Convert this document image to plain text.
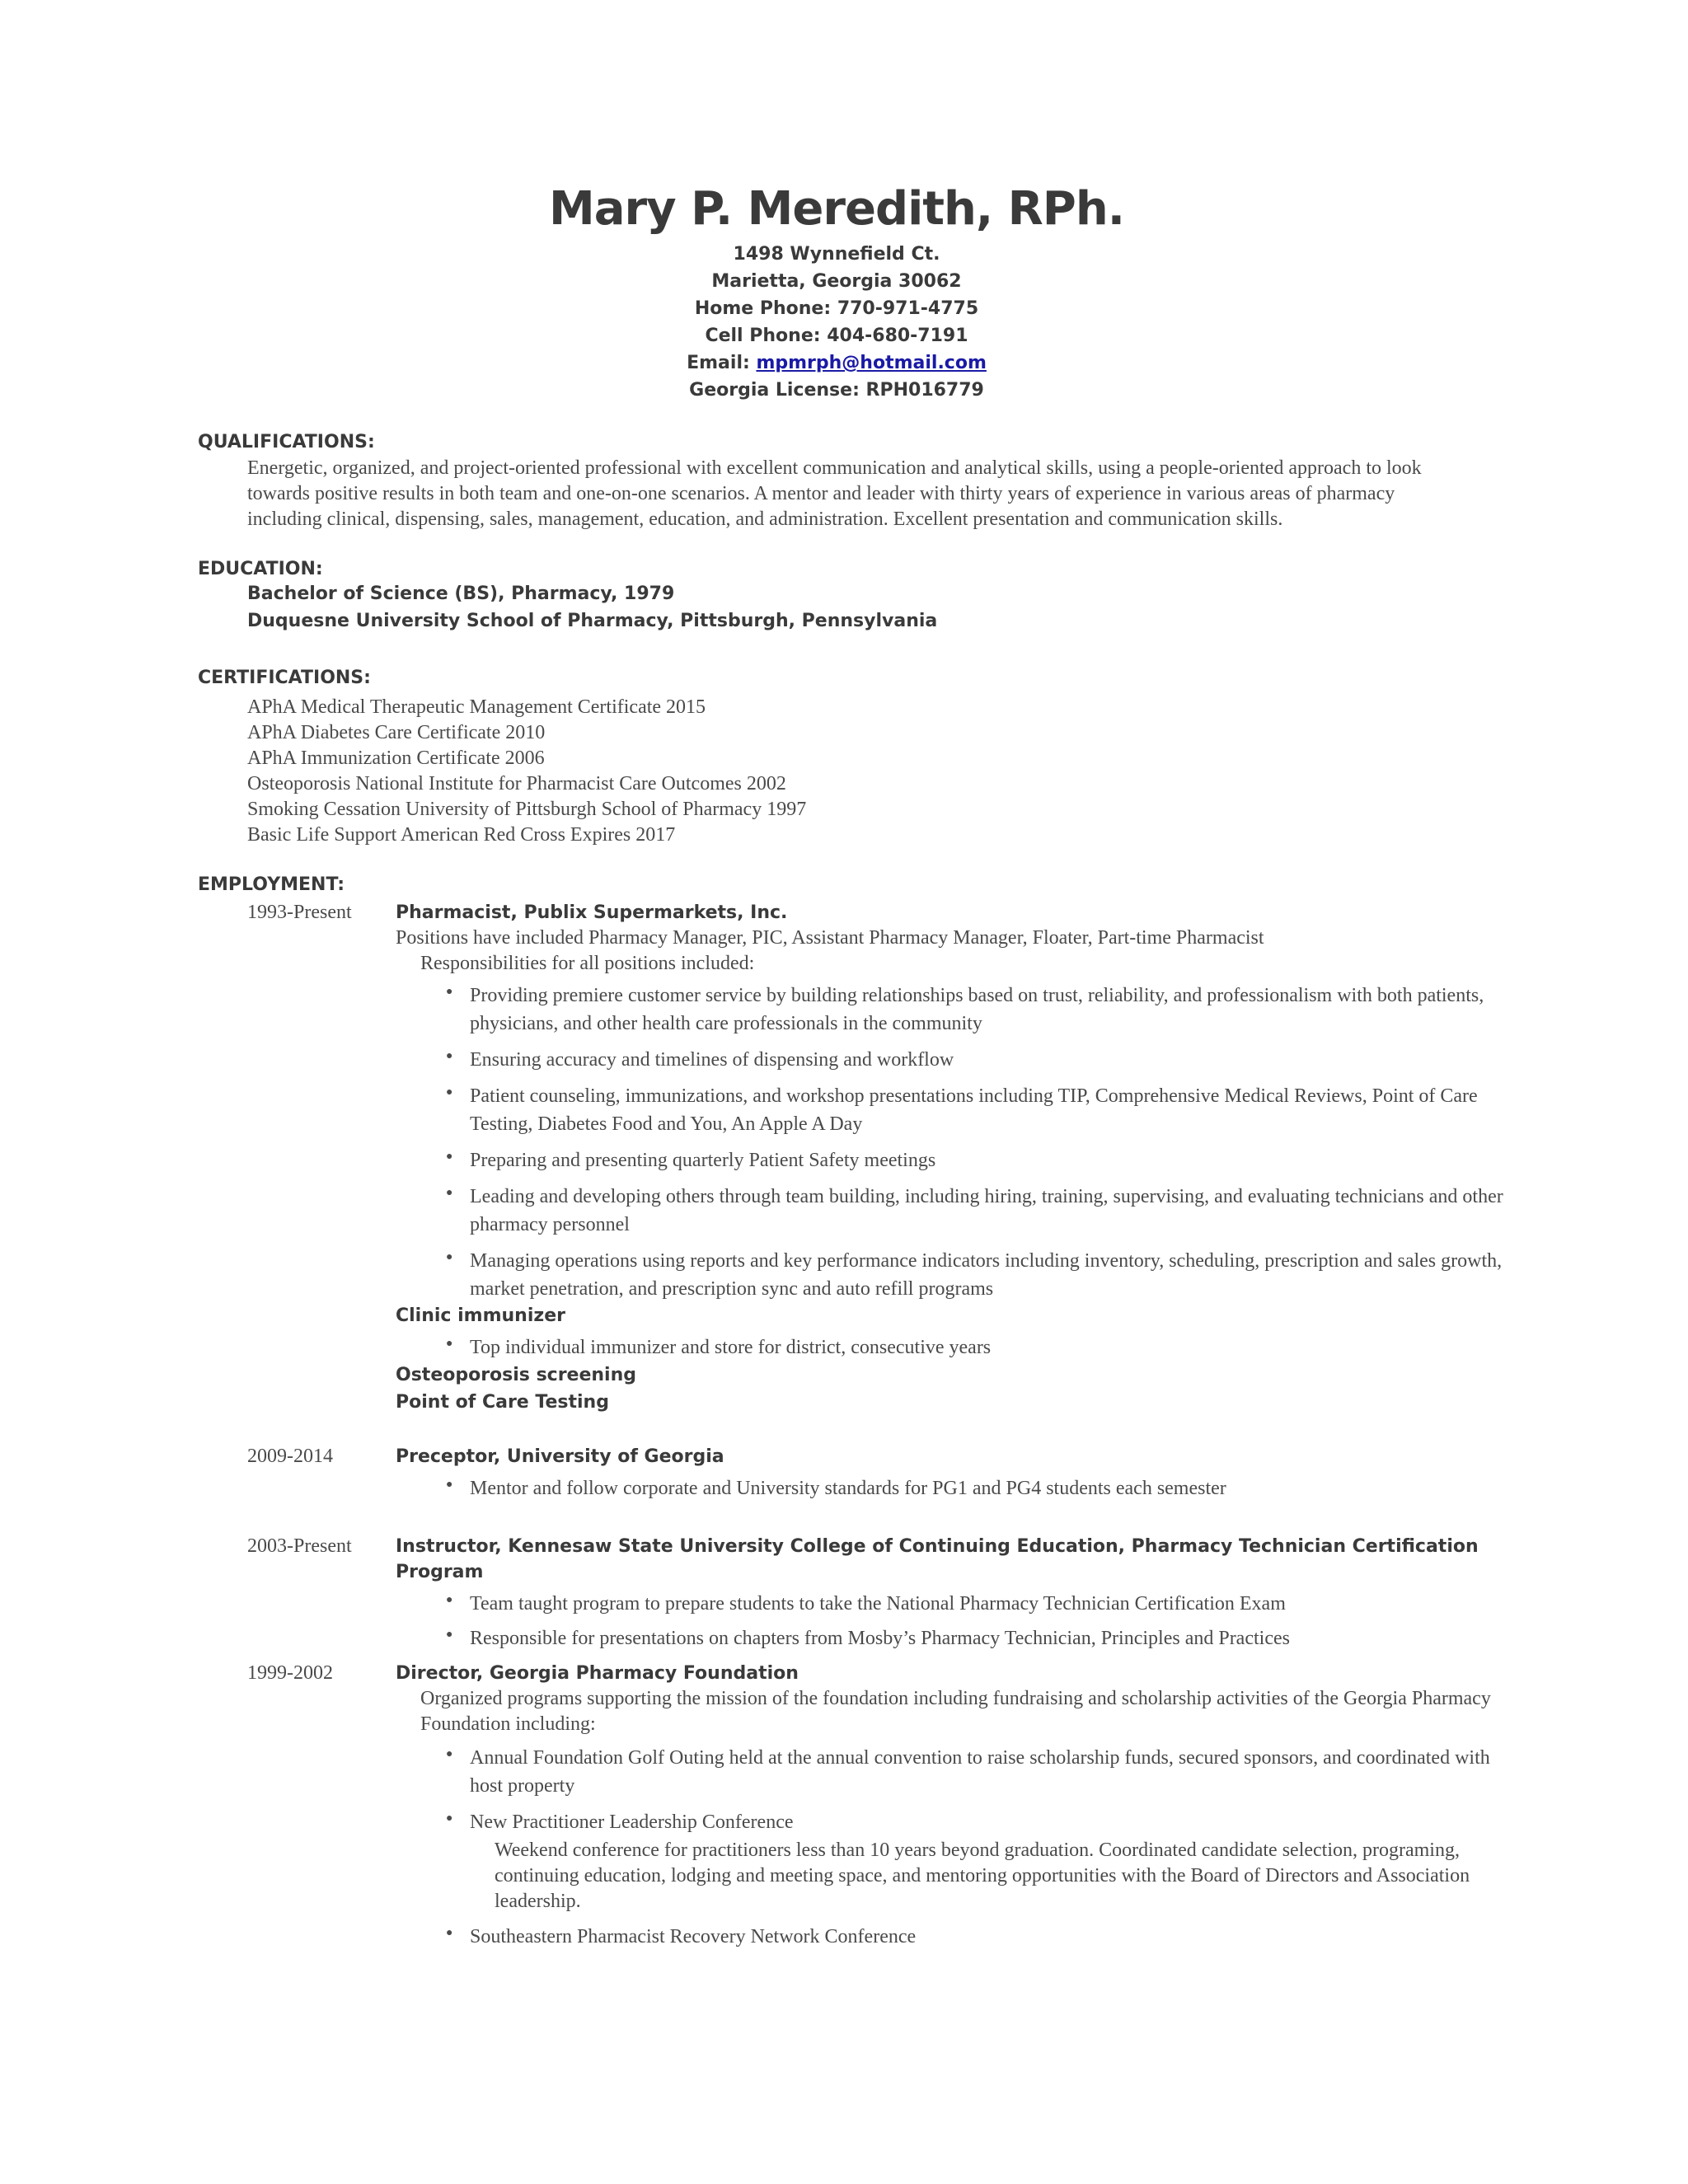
Mary P. Meredith, RPh.
1498 Wynnefield Ct.
Marietta, Georgia 30062
Home Phone: 770-971-4775
Cell Phone: 404-680-7191
Email: mpmrph@hotmail.com
Georgia License: RPH016779
QUALIFICATIONS:
Energetic, organized, and project-oriented professional with excellent communication and analytical skills, using a people-oriented approach to look
towards positive results in both team and one-on-one scenarios. A mentor and leader with thirty years of experience in various areas of pharmacy
including clinical, dispensing, sales, management, education, and administration. Excellent presentation and communication skills.
EDUCATION:
Bachelor of Science (BS), Pharmacy, 1979
Duquesne University School of Pharmacy, Pittsburgh, Pennsylvania
CERTIFICATIONS:
APhA Medical Therapeutic Management Certificate 2015
APhA Diabetes Care Certificate 2010
APhA Immunization Certificate 2006
Osteoporosis National Institute for Pharmacist Care Outcomes 2002
Smoking Cessation University of Pittsburgh School of Pharmacy 1997
Basic Life Support American Red Cross Expires 2017
EMPLOYMENT:
1993-Present Pharmacist, Publix Supermarkets, Inc.
Positions have included Pharmacy Manager, PIC, Assistant Pharmacy Manager, Floater, Part-time Pharmacist
Responsibilities for all positions included:
● Providing premiere customer service by building relationships based on trust, reliability, and professionalism with both patients, physicians, and other health care professionals in the community
● Ensuring accuracy and timelines of dispensing and workflow
● Patient counseling, immunizations, and workshop presentations including TIP, Comprehensive Medical Reviews, Point of Care Testing, Diabetes Food and You, An Apple A Day
● Preparing and presenting quarterly Patient Safety meetings
● Leading and developing others through team building, including hiring, training, supervising, and evaluating technicians and other pharmacy personnel
● Managing operations using reports and key performance indicators including inventory, scheduling, prescription and sales growth, market penetration, and prescription sync and auto refill programs
Clinic immunizer
● Top individual immunizer and store for district, consecutive years
Osteoporosis screening
Point of Care Testing
2009-2014	Preceptor, University of Georgia
● Mentor and follow corporate and University standards for PG1 and PG4 students each semester
2003-Present Instructor, Kennesaw State University College of Continuing Education, Pharmacy Technician Certification Program
● Team taught program to prepare students to take the National Pharmacy Technician Certification Exam
● Responsible for presentations on chapters from Mosby’s Pharmacy Technician, Principles and Practices
1999-2002	Director, Georgia Pharmacy Foundation
Organized programs supporting the mission of the foundation including fundraising and scholarship activities of the Georgia Pharmacy Foundation including:
● Annual Foundation Golf Outing held at the annual convention to raise scholarship funds, secured sponsors, and coordinated with host property
● New Practitioner Leadership Conference
Weekend conference for practitioners less than 10 years beyond graduation. Coordinated candidate selection, programing, continuing education, lodging and meeting space, and mentoring opportunities with the Board of Directors and Association leadership.
● Southeastern Pharmacist Recovery Network Conference
